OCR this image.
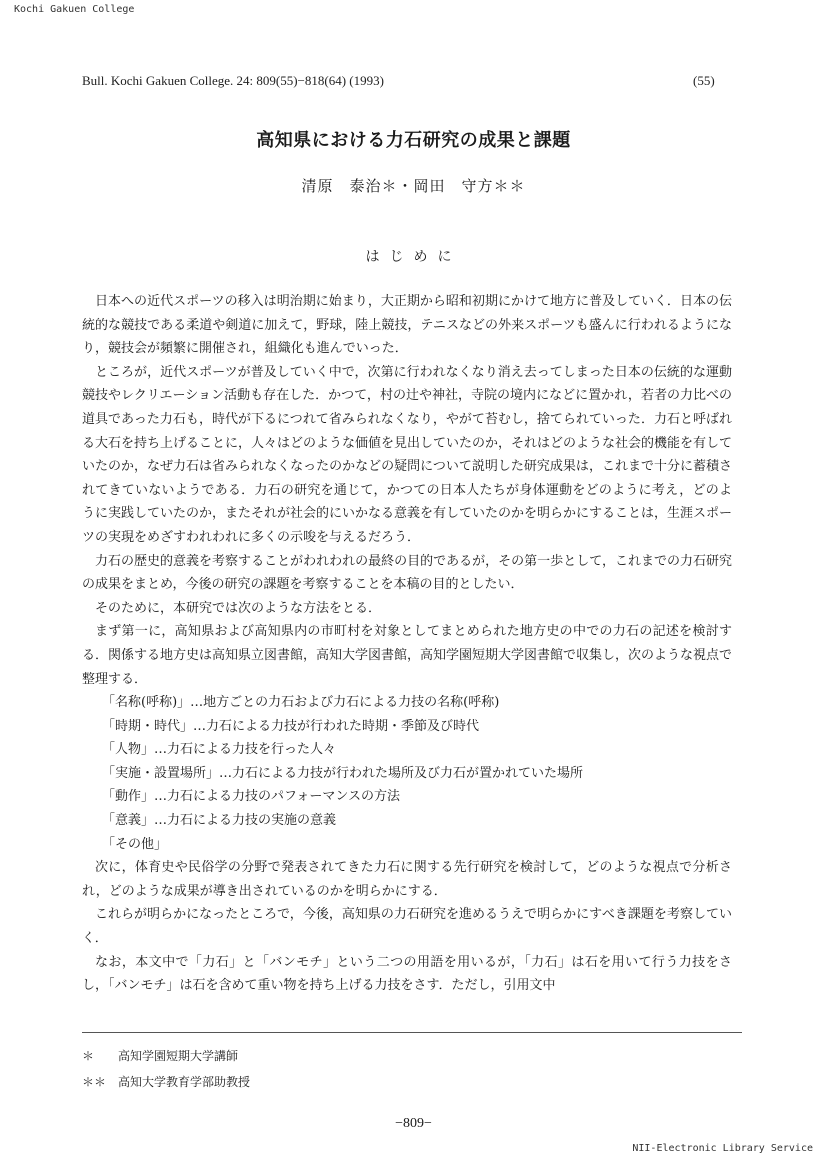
Kochi Gakuen College
Bull. Kochi Gakuen College. 24: 809(55)−818(64) (1993)	(55)
高知県における力石研究の成果と課題
清原　泰治＊・岡田　守方＊＊
はじめに

日本への近代スポーツの移入は明治期に始まり，大正期から昭和初期にかけて地方に普及していく．日本の伝統的な競技である柔道や剣道に加えて，野球，陸上競技，テニスなどの外来スポーツも盛んに行われるようになり，競技会が頻繁に開催され，組織化も進んでいった．

ところが，近代スポーツが普及していく中で，次第に行われなくなり消え去ってしまった日本の伝統的な運動競技やレクリエーション活動も存在した．かつて，村の辻や神社，寺院の境内になどに置かれ，若者の力比べの道具であった力石も，時代が下るにつれて省みられなくなり，やがて苔むし，捨てられていった．力石と呼ばれる大石を持ち上げることに，人々はどのような価値を見出していたのか，それはどのような社会的機能を有していたのか，なぜ力石は省みられなくなったのかなどの疑問について説明した研究成果は，これまで十分に蓄積されてきていないようである．力石の研究を通じて，かつての日本人たちが身体運動をどのように考え，どのように実践していたのか，またそれが社会的にいかなる意義を有していたのかを明らかにすることは，生涯スポーツの実現をめざすわれわれに多くの示唆を与えるだろう．

力石の歴史的意義を考察することがわれわれの最終の目的であるが，その第一歩として，これまでの力石研究の成果をまとめ，今後の研究の課題を考察することを本稿の目的としたい．

そのために，本研究では次のような方法をとる．

まず第一に，高知県および高知県内の市町村を対象としてまとめられた地方史の中での力石の記述を検討する．関係する地方史は高知県立図書館，高知大学図書館，高知学園短期大学図書館で収集し，次のような視点で整理する．

「名称(呼称)」…地方ごとの力石および力石による力技の名称(呼称)

「時期・時代」…力石による力技が行われた時期・季節及び時代

「人物」…力石による力技を行った人々

「実施・設置場所」…力石による力技が行われた場所及び力石が置かれていた場所

「動作」…力石による力技のパフォーマンスの方法

「意義」…力石による力技の実施の意義

「その他」

次に，体育史や民俗学の分野で発表されてきた力石に関する先行研究を検討して，どのような視点で分析され，どのような成果が導き出されているのかを明らかにする．

これらが明らかになったところで，今後，高知県の力石研究を進めるうえで明らかにすべき課題を考察していく．

なお，本文中で「力石」と「バンモチ」という二つの用語を用いるが，「力石」は石を用いて行う力技をさし，「バンモチ」は石を含めて重い物を持ち上げる力技をさす．ただし，引用文中

＊ 高知学園短期大学講師
＊＊ 高知大学教育学部助教授
−809−
NII-Electronic Library Service
